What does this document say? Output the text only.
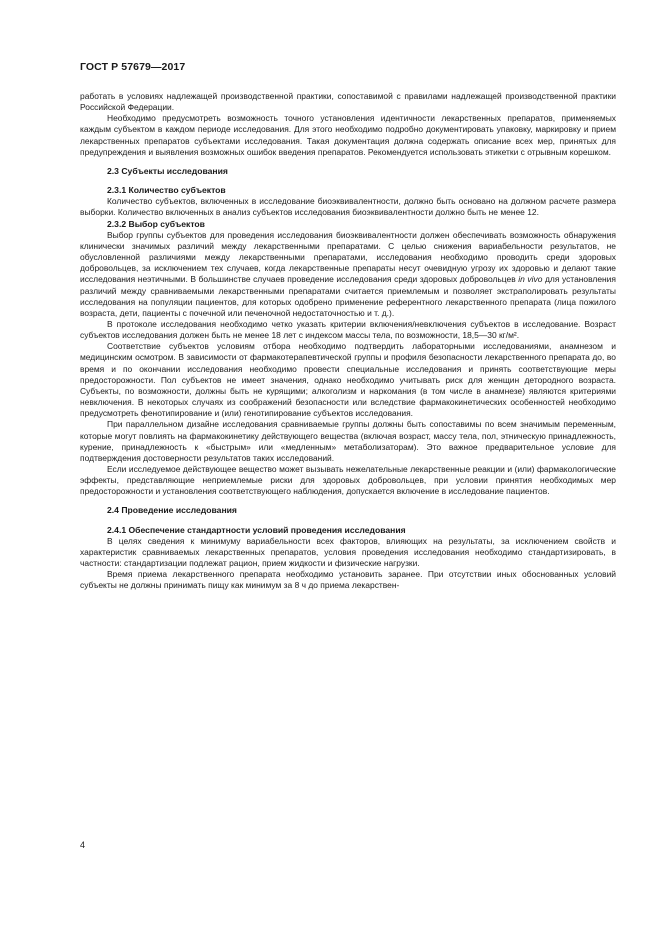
ГОСТ Р 57679—2017

работать в условиях надлежащей производственной практики, сопоставимой с правилами надлежащей производственной практики Российской Федерации.

Необходимо предусмотреть возможность точного установления идентичности лекарственных препаратов, применяемых каждым субъектом в каждом периоде исследования. Для этого необходимо подробно документировать упаковку, маркировку и прием лекарственных препаратов субъектами исследования. Такая документация должна содержать описание всех мер, принятых для предупреждения и выявления возможных ошибок введения препаратов. Рекомендуется использовать этикетки с отрывным корешком.

2.3 Субъекты исследования
2.3.1 Количество субъектов

Количество субъектов, включенных в исследование биоэквивалентности, должно быть основано на должном расчете размера выборки. Количество включенных в анализ субъектов исследования биоэквивалентности должно быть не менее 12.

2.3.2 Выбор субъектов

Выбор группы субъектов для проведения исследования биоэквивалентности должен обеспечивать возможность обнаружения клинически значимых различий между лекарственными препаратами. С целью снижения вариабельности результатов, не обусловленной различиями между лекарственными препаратами, исследования необходимо проводить среди здоровых добровольцев, за исключением тех случаев, когда лекарственные препараты несут очевидную угрозу их здоровью и делают такие исследования неэтичными. В большинстве случаев проведение исследования среди здоровых добровольцев in vivo для установления различий между сравниваемыми лекарственными препаратами считается приемлемым и позволяет экстраполировать результаты исследования на популяции пациентов, для которых одобрено применение референтного лекарственного препарата (лица пожилого возраста, дети, пациенты с почечной или печеночной недостаточностью и т. д.).

В протоколе исследования необходимо четко указать критерии включения/невключения субъектов в исследование. Возраст субъектов исследования должен быть не менее 18 лет с индексом массы тела, по возможности, 18,5—30 кг/м².

Соответствие субъектов условиям отбора необходимо подтвердить лабораторными исследованиями, анамнезом и медицинским осмотром. В зависимости от фармакотерапевтической группы и профиля безопасности лекарственного препарата до, во время и по окончании исследования необходимо провести специальные исследования и принять соответствующие меры предосторожности. Пол субъектов не имеет значения, однако необходимо учитывать риск для женщин детородного возраста. Субъекты, по возможности, должны быть не курящими; алкоголизм и наркомания (в том числе в анамнезе) являются критериями невключения. В некоторых случаях из соображений безопасности или вследствие фармакокинетических особенностей необходимо предусмотреть фенотипирование и (или) генотипирование субъектов исследования.

При параллельном дизайне исследования сравниваемые группы должны быть сопоставимы по всем значимым переменным, которые могут повлиять на фармакокинетику действующего вещества (включая возраст, массу тела, пол, этническую принадлежность, курение, принадлежность к «быстрым» или «медленным» метаболизаторам). Это важное предварительное условие для подтверждения достоверности результатов таких исследований.

Если исследуемое действующее вещество может вызывать нежелательные лекарственные реакции и (или) фармакологические эффекты, представляющие неприемлемые риски для здоровых добровольцев, при условии принятия необходимых мер предосторожности и установления соответствующего наблюдения, допускается включение в исследование пациентов.

2.4 Проведение исследования
2.4.1 Обеспечение стандартности условий проведения исследования

В целях сведения к минимуму вариабельности всех факторов, влияющих на результаты, за исключением свойств и характеристик сравниваемых лекарственных препаратов, условия проведения исследования необходимо стандартизировать, в частности: стандартизации подлежат рацион, прием жидкости и физические нагрузки.

Время приема лекарственного препарата необходимо установить заранее. При отсутствии иных обоснованных условий субъекты не должны принимать пищу как минимум за 8 ч до приема лекарствен-

4
